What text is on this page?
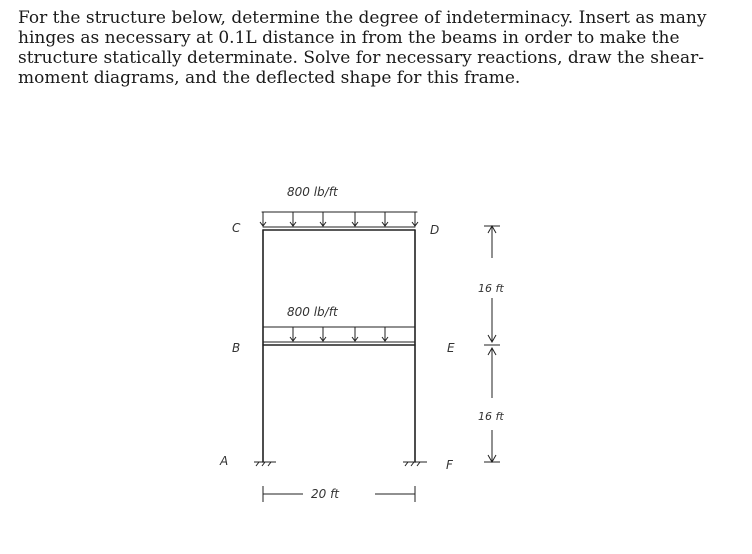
For the structure below, determine the degree of indeterminacy. Insert as many hinges as necessary at 0.1L distance in from the beams in order to make the structure statically determinate. Solve for necessary reactions, draw the shear-moment diagrams, and the deflected shape for this frame.

C	D
B	E
A	F
800 lb/ft
800 lb/ft
16 ft
16 ft
20 ft
